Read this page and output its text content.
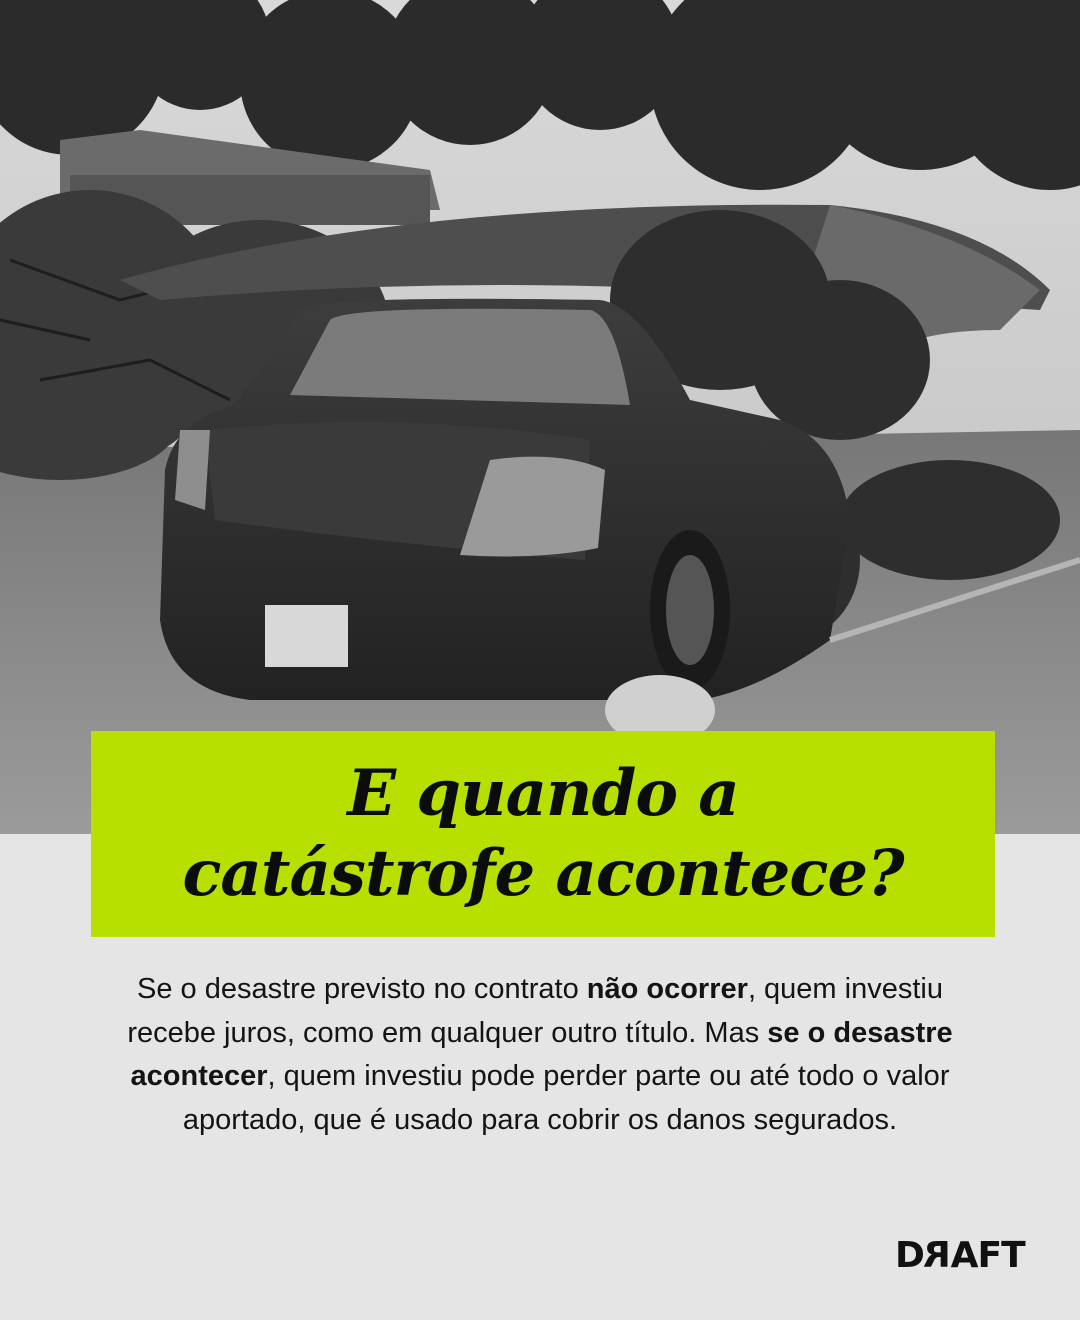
E quando a
catástrofe acontece?

Se o desastre previsto no contrato não ocorrer, quem investiu recebe juros, como em qualquer outro título. Mas se o desastre acontecer, quem investiu pode perder parte ou até todo o valor aportado, que é usado para cobrir os danos segurados.

D R AFT
